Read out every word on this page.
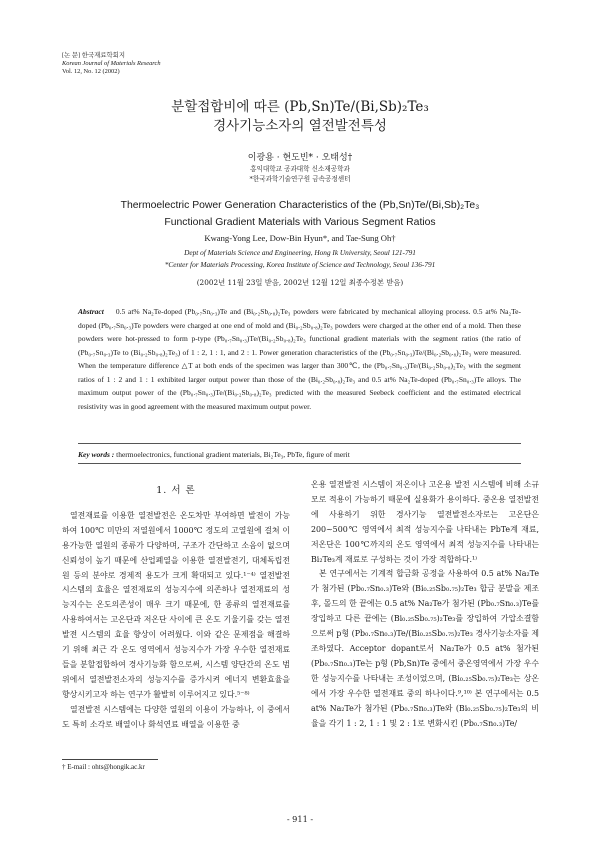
[논 문] 한국재료학회지
Korean Journal of Materials Research
Vol. 12, No. 12 (2002)
분할접합비에 따른 (Pb,Sn)Te/(Bi,Sb)₂Te₃
경사기능소자의 열전발전특성
이광용 · 현도빈* · 오태성†
홍익대학교 공과대학 신소재공학과
*한국과학기술연구원 금속공정센터
Thermoelectric Power Generation Characteristics of the (Pb,Sn)Te/(Bi,Sb)₂Te₃
Functional Gradient Materials with Various Segment Ratios
Kwang-Yong Lee, Dow-Bin Hyun*, and Tae-Sung Oh†
Dept of Materials Science and Engineering, Hong Ik University, Seoul 121-791
*Center for Materials Processing, Korea Institute of Science and Technology, Seoul 136-791
(2002년 11월 23일 받음, 2002년 12월 12일 최종수정본 받음)
Abstract 0.5 at% Na₂Te-doped (Pb₀.₇Sn₀.₃)Te and (Bi₀.₂Sb₀.₈)₂Te₃ powders were fabricated by mechanical alloying process. 0.5 at% Na₂Te-doped (Pb₀.₇Sn₀.₃)Te powders were charged at one end of mold and (Bi₀.₂Sb₀.₈)₂Te₃ powders were charged at the other end of a mold. Then these powders were hot-pressed to form p-type (Pb₀.₇Sn₀.₃)Te/(Bi₀.₂Sb₀.₈)₂Te₃ functional gradient materials with the segment ratios (the ratio of (Pb₀.₇Sn₀.₃)Te to (Bi₀.₂Sb₀.₈)₂Te₃) of 1 : 2, 1 : 1, and 2 : 1. Power generation characteristics of the (Pb₀.₇Sn₀.₃)Te/(Bi₀.₂Sb₀.₈)₂Te₃ were measured. When the temperature difference △T at both ends of the specimen was larger than 300℃, the (Pb₀.₇Sn₀.₃)Te/(Bi₀.₂Sb₀.₈)₂Te₃ with the segment ratios of 1 : 2 and 1 : 1 exhibited larger output power than those of the (Bi₀.₂Sb₀.₈)₂Te₃ and 0.5 at% Na₂Te-doped (Pb₀.₇Sn₀.₃)Te alloys. The maximum output power of the (Pb₀.₇Sn₀.₃)Te/(Bi₀.₂Sb₀.₈)₂Te₃ predicted with the measured Seebeck coefficient and the estimated electrical resistivity was in good agreement with the measured maximum output power.
Key words : thermoelectronics, functional gradient materials, Bi₂Te₃, PbTe, figure of merit
1. 서 론

열전재료를 이용한 열전발전은 온도차만 부여하면 발전이 가능하여 100℃ 미만의 저열원에서 1000℃ 정도의 고열원에 걸쳐 이용가능한 열원의 종류가 다양하며, 구조가 간단하고 소음이 없으며 신뢰성이 높기 때문에 산업폐열을 이용한 열전발전기, 대체독립전원 등의 분야로 경제적 용도가 크게 확대되고 있다.¹⁻⁴⁾ 열전발전 시스템의 효율은 열전재료의 성능지수에 의존하나 열전재료의 성능지수는 온도의존성이 매우 크기 때문에, 한 종류의 열전재료를 사용하여서는 고온단과 저온단 사이에 큰 온도 기울기를 갖는 열전발전 시스템의 효율 향상이 어려웠다. 이와 같은 문제점을 해결하기 위해 최근 각 온도 영역에서 성능지수가 가장 우수한 열전재료들을 분할접합하여 경사기능화 함으로써, 시스템 양단간의 온도 범위에서 열전발전소자의 성능지수를 증가시켜 에너지 변환효율을 향상시키고자 하는 연구가 활발히 이루어지고 있다.⁵⁻⁸⁾

열전발전 시스템에는 다양한 열원의 이용이 가능하나, 이 중에서도 특히 소각로 배열이나 화석연료 배열을 이용한 중

온용 열전발전 시스템이 저온이나 고온용 발전 시스템에 비해 소규모로 적용이 가능하기 때문에 실용화가 용이하다. 중온용 열전발전에 사용하기 위한 경사기능 열전발전소자로는 고온단은 200~500℃ 영역에서 최적 성능지수를 나타내는 PbTe계 재료, 저온단은 100℃까지의 온도 영역에서 최적 성능지수를 나타내는 Bi₂Te₃계 재료로 구성하는 것이 가장 적합하다.¹⁾

본 연구에서는 기계적 합금화 공정을 사용하여 0.5 at% Na₂Te가 첨가된 (Pb₀.₇Sn₀.₃)Te와 (Bi₀.₂₅Sb₀.₇₅)₂Te₃ 합금 분말을 제조후, 몰드의 한 끝에는 0.5 at% Na₂Te가 첨가된 (Pb₀.₇Sn₀.₃)Te를 장입하고 다른 끝에는 (Bi₀.₂₅Sb₀.₇₅)₂Te₃를 장입하여 가압소결함으로써 p형 (Pb₀.₇Sn₀.₃)Te/(Bi₀.₂₅Sb₀.₇₅)₂Te₃ 경사기능소자를 제조하였다. Acceptor dopant로서 Na₂Te가 0.5 at% 첨가된 (Pb₀.₇Sn₀.₃)Te는 p형 (Pb,Sn)Te 중에서 중온영역에서 가장 우수한 성능지수를 나타내는 조성이었으며, (Bi₀.₂₅Sb₀.₇₅)₂Te₃는 상온에서 가장 우수한 열전재료 중의 하나이다.⁹,¹⁰⁾ 본 연구에서는 0.5 at% Na₂Te가 첨가된 (Pb₀.₇Sn₀.₃)Te와 (Bi₀.₂₅Sb₀.₇₅)₂Te₃의 비율을 각기 1 : 2, 1 : 1 및 2 : 1로 변화시킨 (Pb₀.₇Sn₀.₃)Te/

† E-mail : ohts@hongik.ac.kr
- 911 -
